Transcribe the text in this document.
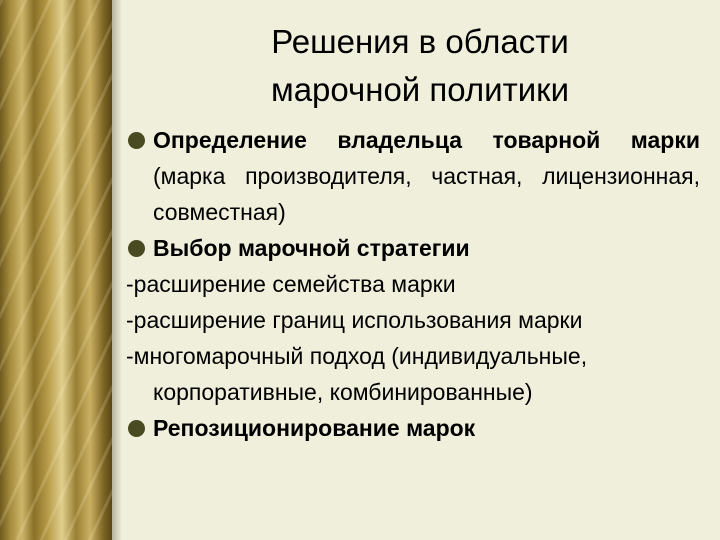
Решения в области
марочной политики
Определение владельца товарной марки (марка производителя, частная, лицензионная, совместная)
Выбор марочной стратегии
-расширение семейства марки
-расширение границ использования марки
-многомарочный подход (индивидуальные, корпоративные, комбинированные)
Репозиционирование марок
